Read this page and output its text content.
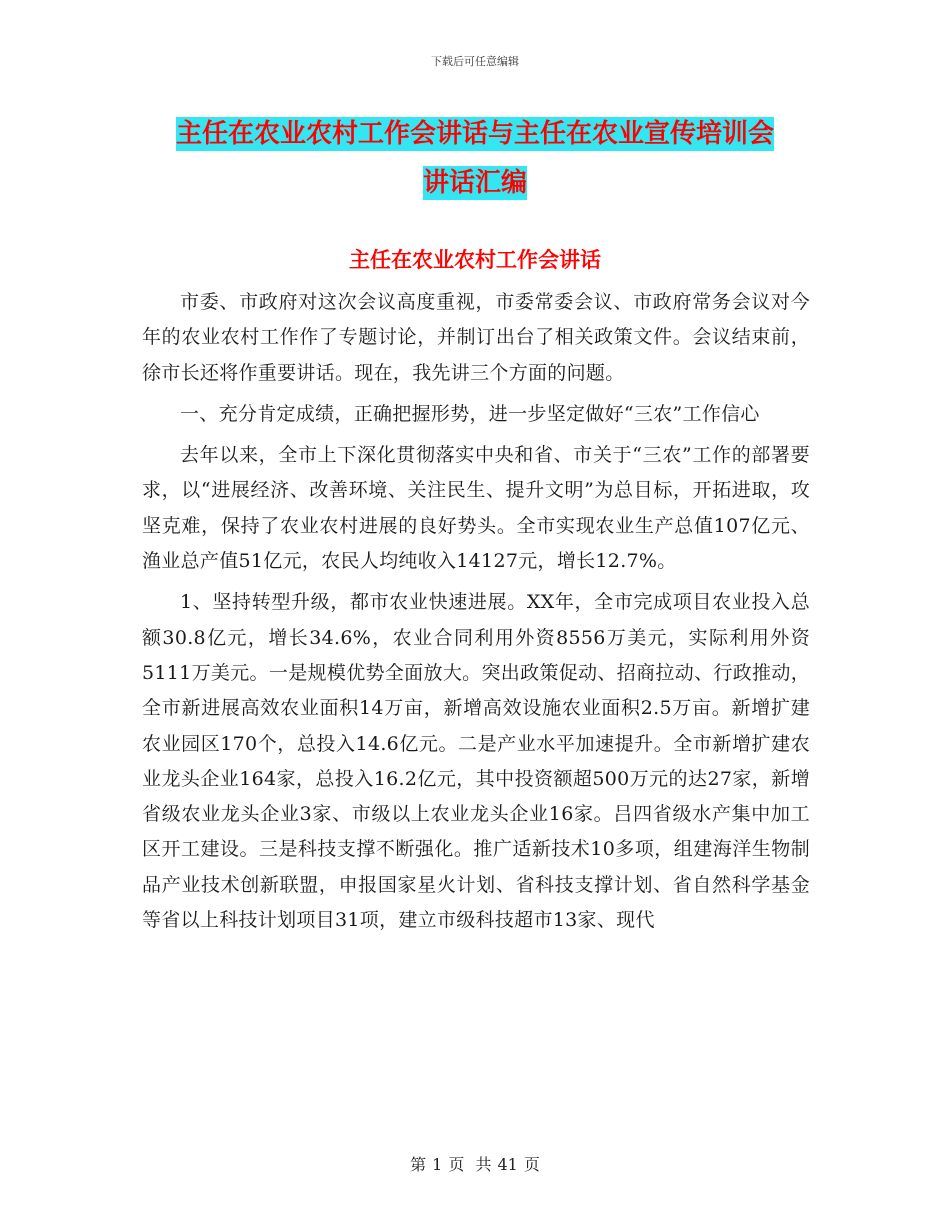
下载后可任意编辑
主任在农业农村工作会讲话与主任在农业宣传培训会
讲话汇编
主任在农业农村工作会讲话

市委、市政府对这次会议高度重视，市委常委会议、市政府常务会议对今年的农业农村工作作了专题讨论，并制订出台了相关政策文件。会议结束前，徐市长还将作重要讲话。现在，我先讲三个方面的问题。

一、充分肯定成绩，正确把握形势，进一步坚定做好“三农”工作信心

去年以来，全市上下深化贯彻落实中央和省、市关于“三农”工作的部署要求，以“进展经济、改善环境、关注民生、提升文明”为总目标，开拓进取，攻坚克难，保持了农业农村进展的良好势头。全市实现农业生产总值107亿元、渔业总产值51亿元，农民人均纯收入14127元，增长12.7%。

1、坚持转型升级，都市农业快速进展。XX年，全市完成项目农业投入总额30.8亿元，增长34.6%，农业合同利用外资8556万美元，实际利用外资5111万美元。一是规模优势全面放大。突出政策促动、招商拉动、行政推动，全市新进展高效农业面积14万亩，新增高效设施农业面积2.5万亩。新增扩建农业园区170个，总投入14.6亿元。二是产业水平加速提升。全市新增扩建农业龙头企业164家，总投入16.2亿元，其中投资额超500万元的达27家，新增省级农业龙头企业3家、市级以上农业龙头企业16家。吕四省级水产集中加工区开工建设。三是科技支撑不断强化。推广适新技术10多项，组建海洋生物制品产业技术创新联盟，申报国家星火计划、省科技支撑计划、省自然科学基金等省以上科技计划项目31项，建立市级科技超市13家、现代

第 1 页 共 41 页
